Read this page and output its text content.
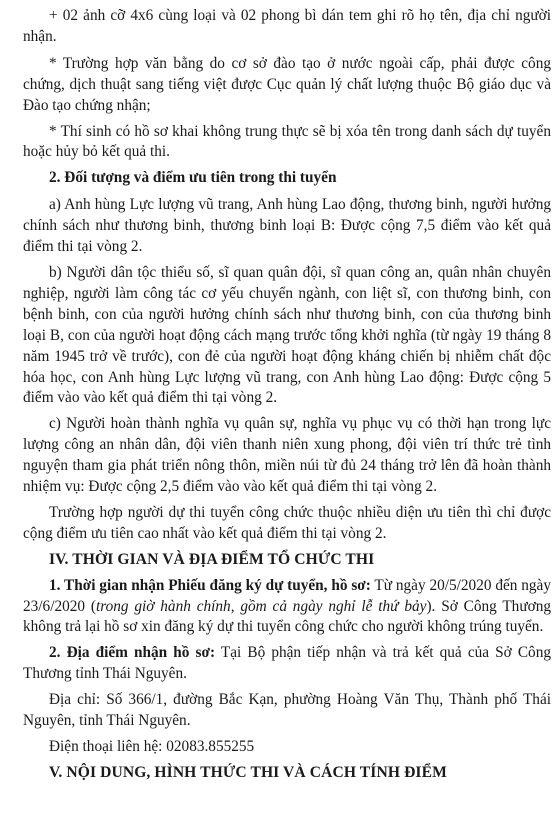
+ 02 ảnh cỡ 4x6 cùng loại và 02 phong bì dán tem ghi rõ họ tên, địa chỉ người nhận.

* Trường hợp văn bằng do cơ sở đào tạo ở nước ngoài cấp, phải được công chứng, dịch thuật sang tiếng việt được Cục quản lý chất lượng thuộc Bộ giáo dục và Đào tạo chứng nhận;

* Thí sinh có hồ sơ khai không trung thực sẽ bị xóa tên trong danh sách dự tuyển hoặc hủy bỏ kết quả thi.

2. Đối tượng và điểm ưu tiên trong thi tuyển

a) Anh hùng Lực lượng vũ trang, Anh hùng Lao động, thương binh, người hưởng chính sách như thương binh, thương binh loại B: Được cộng 7,5 điểm vào kết quả điểm thi tại vòng 2.

b) Người dân tộc thiểu số, sĩ quan quân đội, sĩ quan công an, quân nhân chuyên nghiệp, người làm công tác cơ yếu chuyển ngành, con liệt sĩ, con thương binh, con bệnh binh, con của người hưởng chính sách như thương binh, con của thương binh loại B, con của người hoạt động cách mạng trước tổng khởi nghĩa (từ ngày 19 tháng 8 năm 1945 trở về trước), con đẻ của người hoạt động kháng chiến bị nhiễm chất độc hóa học, con Anh hùng Lực lượng vũ trang, con Anh hùng Lao động: Được cộng 5 điểm vào vào kết quả điểm thi tại vòng 2.

c) Người hoàn thành nghĩa vụ quân sự, nghĩa vụ phục vụ có thời hạn trong lực lượng công an nhân dân, đội viên thanh niên xung phong, đội viên trí thức trẻ tình nguyện tham gia phát triển nông thôn, miền núi từ đủ 24 tháng trở lên đã hoàn thành nhiệm vụ: Được cộng 2,5 điểm vào vào kết quả điểm thi tại vòng 2.

Trường hợp người dự thi tuyển công chức thuộc nhiều diện ưu tiên thì chỉ được cộng điểm ưu tiên cao nhất vào kết quả điểm thi tại vòng 2.

IV. THỜI GIAN VÀ ĐỊA ĐIỂM TỔ CHỨC THI

1. Thời gian nhận Phiếu đăng ký dự tuyển, hồ sơ: Từ ngày 20/5/2020 đến ngày 23/6/2020 (trong giờ hành chính, gồm cả ngày nghỉ lễ thứ bảy). Sở Công Thương không trả lại hồ sơ xin đăng ký dự thi tuyển công chức cho người không trúng tuyển.

2. Địa điểm nhận hồ sơ: Tại Bộ phận tiếp nhận và trả kết quả của Sở Công Thương tỉnh Thái Nguyên.

Địa chỉ: Số 366/1, đường Bắc Kạn, phường Hoàng Văn Thụ, Thành phố Thái Nguyên, tỉnh Thái Nguyên.

Điện thoại liên hệ: 02083.855255

V. NỘI DUNG, HÌNH THỨC THI VÀ CÁCH TÍNH ĐIỂM
